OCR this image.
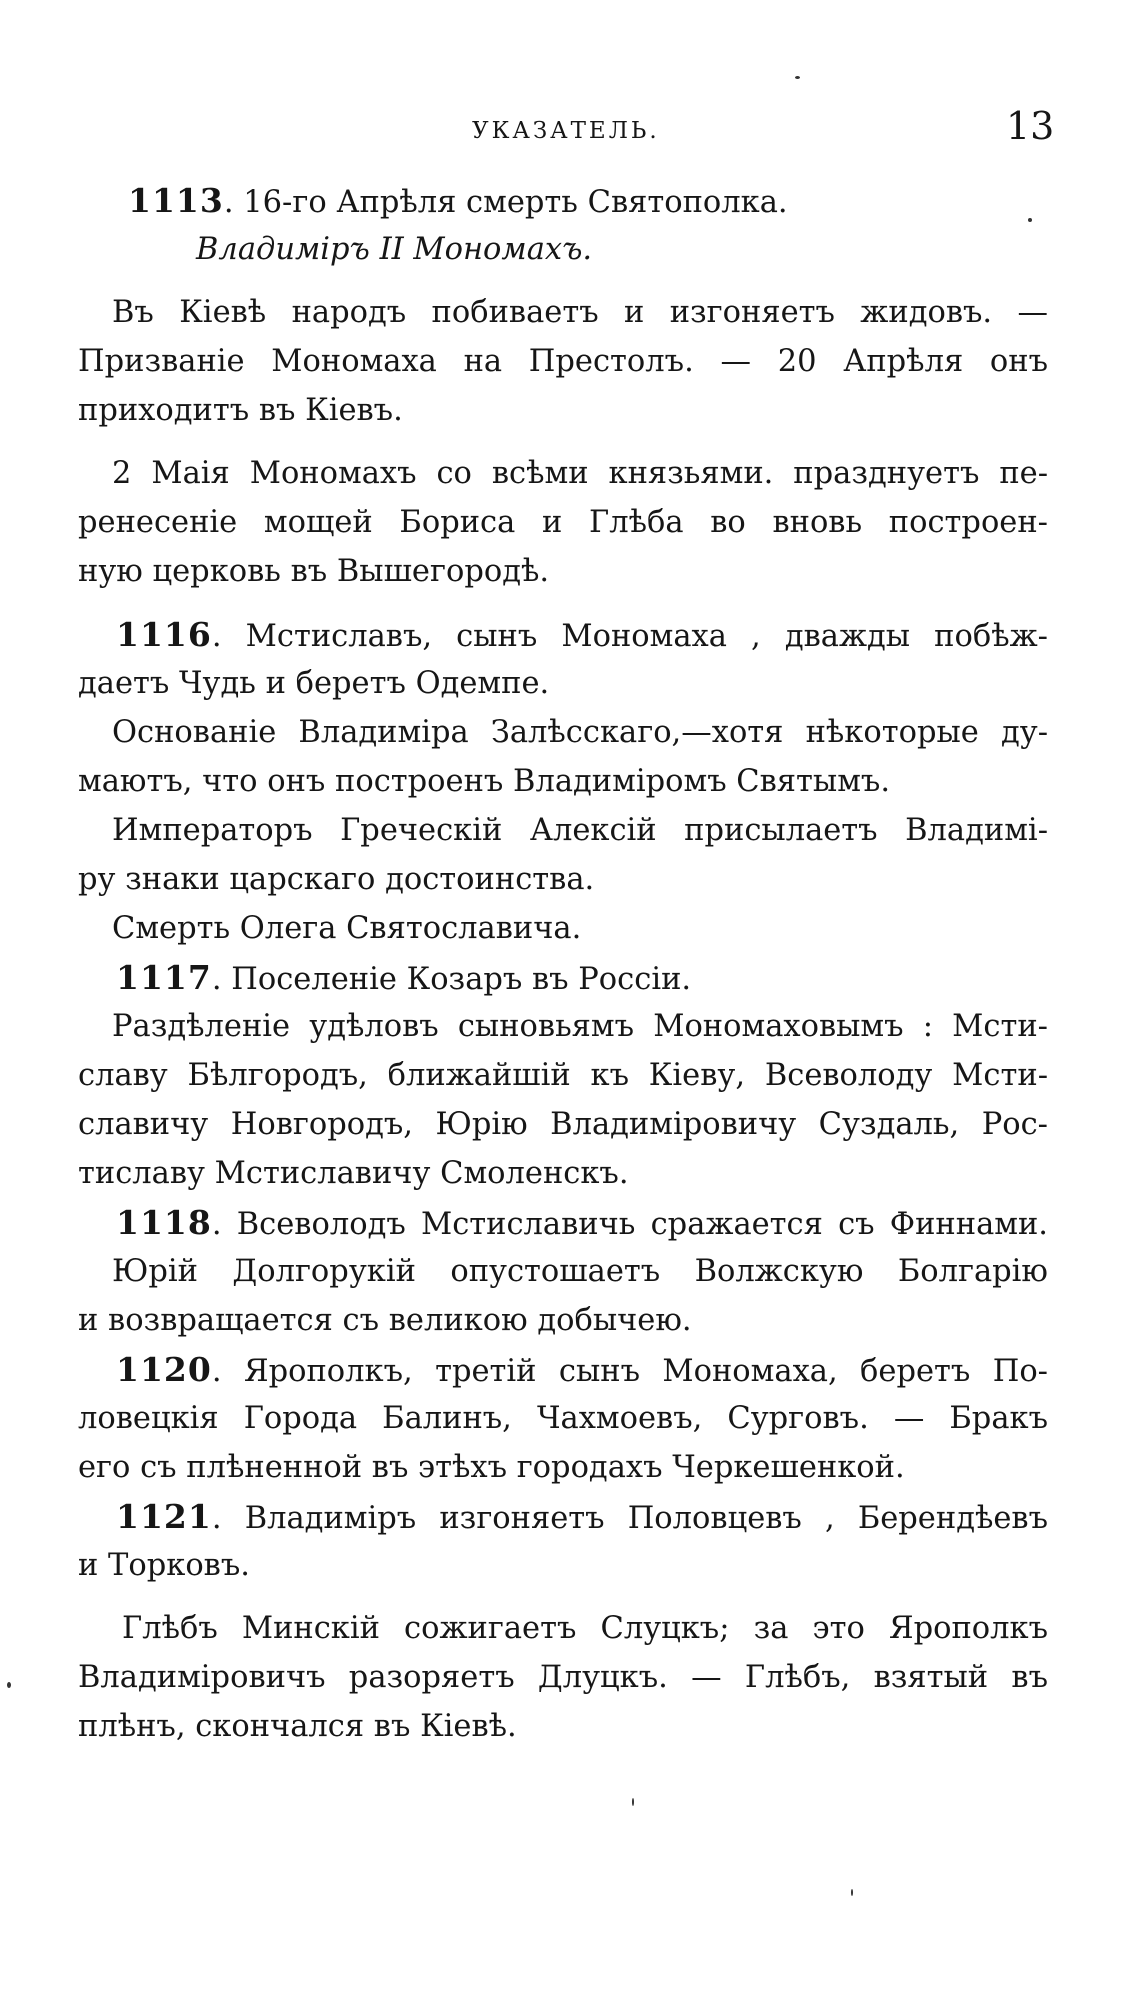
УКАЗАТЕЛЬ.	13
1113. 16-го Апрѣля смерть Святополка.
Владиміръ II Мономахъ.
Въ Кіевѣ народъ побиваетъ и изгоняетъ жидовъ. —
Призваніе Мономаха на Престолъ. — 20 Апрѣля онъ
приходитъ въ Кіевъ.
2 Маія Мономахъ со всѣми князьями. празднуетъ пе-
ренесеніе мощей Бориса и Глѣба во вновь построен-
ную церковь въ Вышегородѣ.
1116. Мстиславъ, сынъ Мономаха , дважды побѣж-
даетъ Чудь и беретъ Одемпе.
Основаніе Владиміра Залѣсскаго,—хотя нѣкоторые ду-
маютъ, что онъ построенъ Владиміромъ Святымъ.
Императоръ Греческій Алексій присылаетъ Владимі-
ру знаки царскаго достоинства.
Смерть Олега Святославича.
1117. Поселеніе Козаръ въ Россіи.
Раздѣленіе удѣловъ сыновьямъ Мономаховымъ : Мсти-
славу Бѣлгородъ, ближайшій къ Кіеву, Всеволоду Мсти-
славичу Новгородъ, Юрію Владиміровичу Суздаль, Рос-
тиславу Мстиславичу Смоленскъ.
1118. Всеволодъ Мстиславичь сражается съ Финнами.
Юрій Долгорукій опустошаетъ Волжскую Болгарію
и возвращается съ великою добычею.
1120. Ярополкъ, третій сынъ Мономаха, беретъ По-
ловецкія Города Балинъ, Чахмоевъ, Сурговъ. — Бракъ
его съ плѣненной въ этѣхъ городахъ Черкешенкой.
1121. Владиміръ изгоняетъ Половцевъ , Берендѣевъ
и Торковъ.
Глѣбъ Минскій сожигаетъ Слуцкъ; за это Ярополкъ
Владиміровичъ разоряетъ Длуцкъ. — Глѣбъ, взятый въ
плѣнъ, скончался въ Кіевѣ.
